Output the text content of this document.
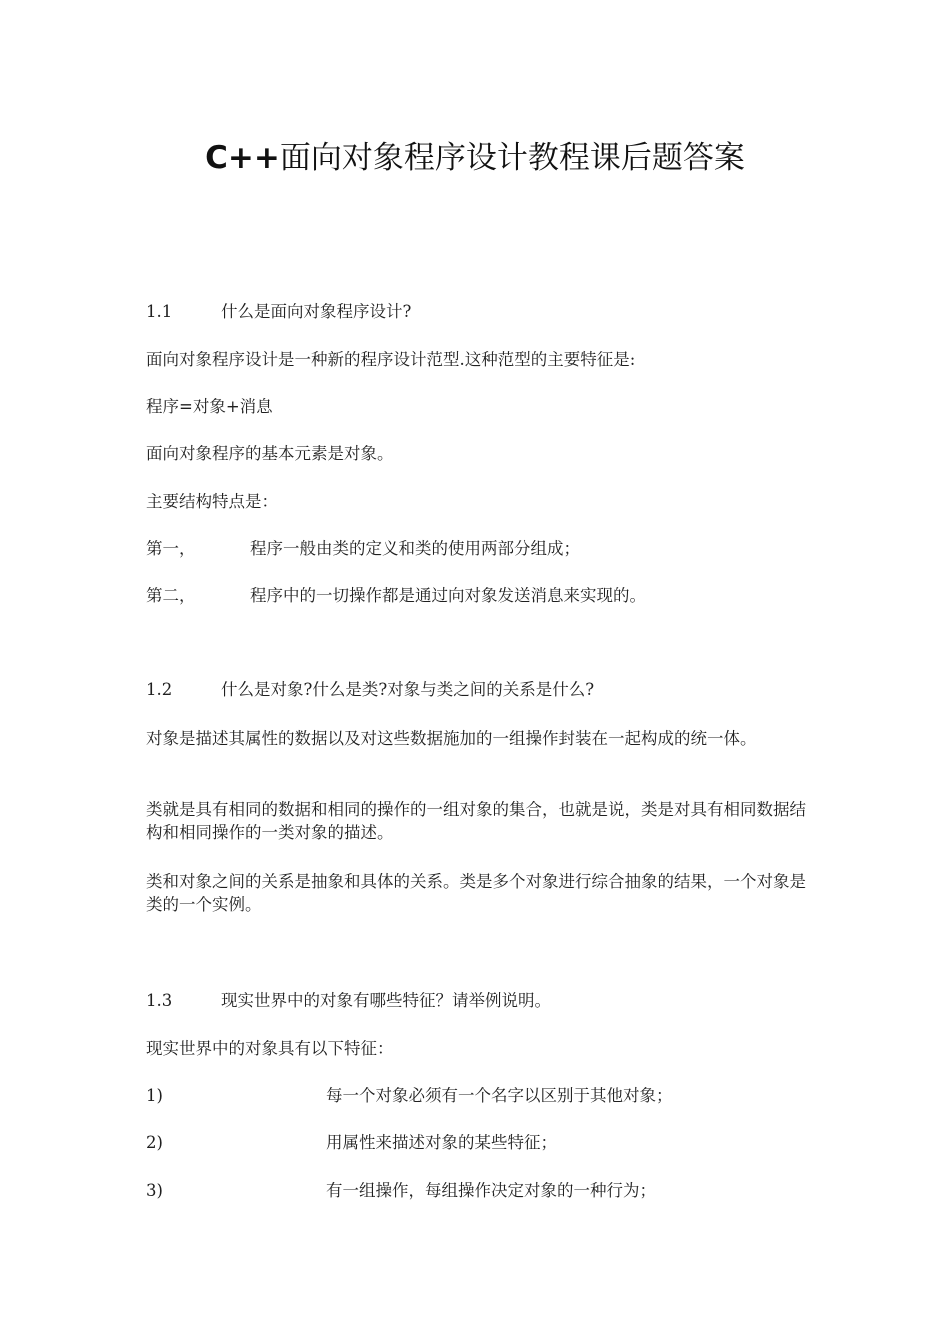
C++面向对象程序设计教程课后题答案
1.1	什么是面向对象程序设计?
面向对象程序设计是一种新的程序设计范型.这种范型的主要特征是:
程序=对象+消息
面向对象程序的基本元素是对象。
主要结构特点是：
第一，	程序一般由类的定义和类的使用两部分组成；
第二，	程序中的一切操作都是通过向对象发送消息来实现的。
1.2	什么是对象?什么是类?对象与类之间的关系是什么?

对象是描述其属性的数据以及对这些数据施加的一组操作封装在一起构成的统一体。

类就是具有相同的数据和相同的操作的一组对象的集合，也就是说，类是对具有相同数据结构和相同操作的一类对象的描述。

类和对象之间的关系是抽象和具体的关系。类是多个对象进行综合抽象的结果，一个对象是类的一个实例。

1.3	现实世界中的对象有哪些特征？请举例说明。
现实世界中的对象具有以下特征：
1)	每一个对象必须有一个名字以区别于其他对象；
2)	用属性来描述对象的某些特征；
3)	有一组操作，每组操作决定对象的一种行为；
